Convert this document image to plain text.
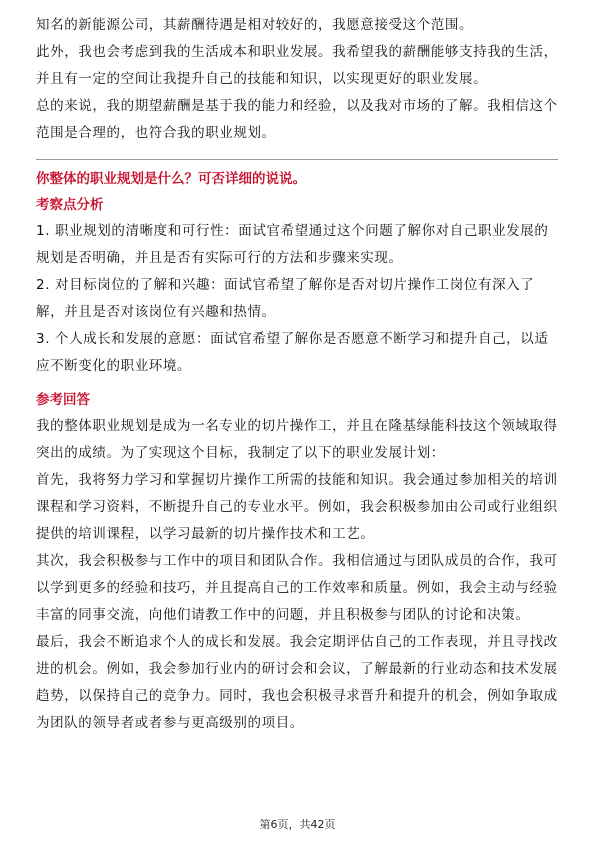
知名的新能源公司，其薪酬待遇是相对较好的，我愿意接受这个范围。

此外，我也会考虑到我的生活成本和职业发展。我希望我的薪酬能够支持我的生活，并且有一定的空间让我提升自己的技能和知识，以实现更好的职业发展。

总的来说，我的期望薪酬是基于我的能力和经验，以及我对市场的了解。我相信这个范围是合理的，也符合我的职业规划。

你整体的职业规划是什么？可否详细的说说。

考察点分析

1. 职业规划的清晰度和可行性：面试官希望通过这个问题了解你对自己职业发展的规划是否明确，并且是否有实际可行的方法和步骤来实现。

2. 对目标岗位的了解和兴趣：面试官希望了解你是否对切片操作工岗位有深入了解，并且是否对该岗位有兴趣和热情。

3. 个人成长和发展的意愿：面试官希望了解你是否愿意不断学习和提升自己，以适应不断变化的职业环境。

参考回答

我的整体职业规划是成为一名专业的切片操作工，并且在隆基绿能科技这个领域取得突出的成绩。为了实现这个目标，我制定了以下的职业发展计划：

首先，我将努力学习和掌握切片操作工所需的技能和知识。我会通过参加相关的培训课程和学习资料，不断提升自己的专业水平。例如，我会积极参加由公司或行业组织提供的培训课程，以学习最新的切片操作技术和工艺。

其次，我会积极参与工作中的项目和团队合作。我相信通过与团队成员的合作，我可以学到更多的经验和技巧，并且提高自己的工作效率和质量。例如，我会主动与经验丰富的同事交流，向他们请教工作中的问题，并且积极参与团队的讨论和决策。

最后，我会不断追求个人的成长和发展。我会定期评估自己的工作表现，并且寻找改进的机会。例如，我会参加行业内的研讨会和会议，了解最新的行业动态和技术发展趋势，以保持自己的竞争力。同时，我也会积极寻求晋升和提升的机会，例如争取成为团队的领导者或者参与更高级别的项目。

第6页，共42页
